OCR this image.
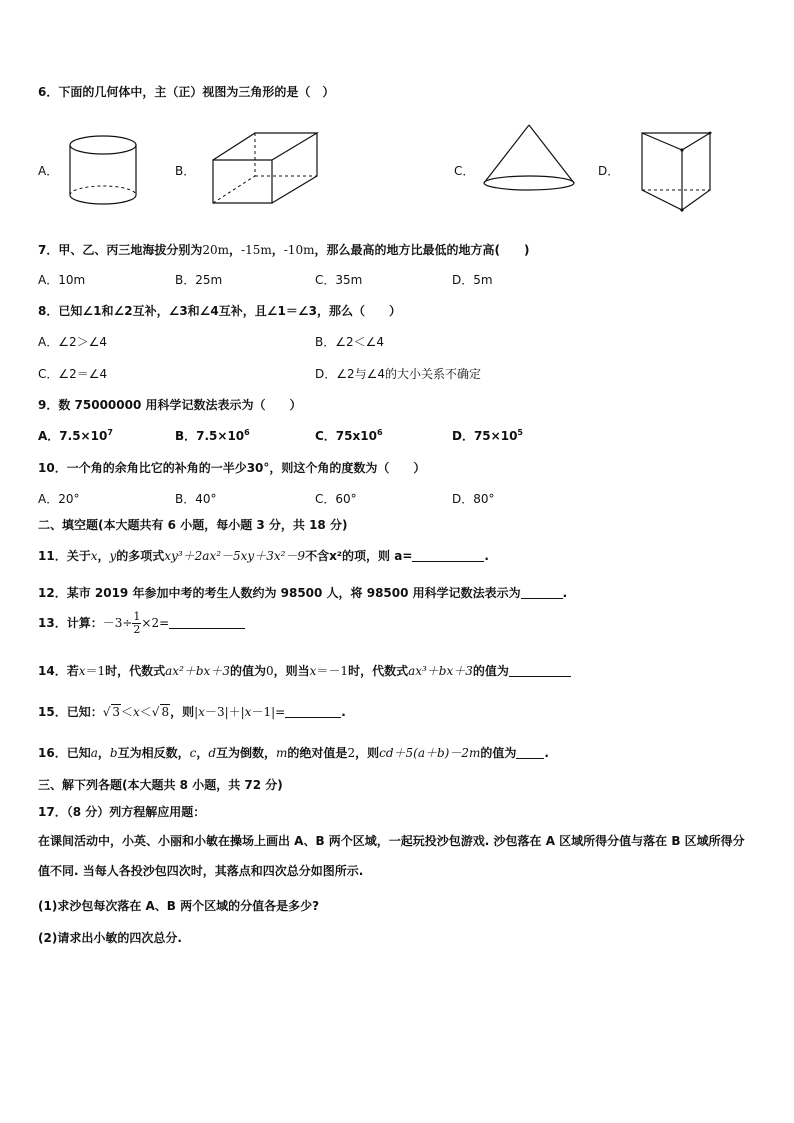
6．下面的几何体中，主（正）视图为三角形的是（　）
A．	B．	C．	D．
7．甲、乙、丙三地海拔分别为20m，-15m，-10m，那么最高的地方比最低的地方高(　　)
A．10m	B．25m	C．35m	D．5m
8．已知∠1和∠2互补，∠3和∠4互补，且∠1＝∠3，那么（　　）
A．∠2＞∠4	B．∠2＜∠4
C．∠2＝∠4	D．∠2与∠4的大小关系不确定
9．数 75000000 用科学记数法表示为（　　）
A．$7.5\times 10^7$	B．$7.5\times 10^6$	C．$75x10^6$	D．$75\times 10^5$
10．一个角的余角比它的补角的一半少30°，则这个角的度数为（　　）
A．20°	B．40°	C．60°	D．80°
二、填空题(本大题共有 6 小题，每小题 3 分，共 18 分)
11．关于x，y的多项式xy³＋2ax²－5xy＋3x²－9不含x²的项，则 a=	.
12．某市 2019 年参加中考的考生人数约为 98500 人，将 98500 用科学记数法表示为	.
13．计算：$-3\div \frac{1}{2} \times 2=$
14．若x＝1时，代数式ax²＋bx＋3的值为0，则当x＝－1时，代数式ax³＋bx＋3的值为
15．已知：√ 3＜x＜√ 8，则|x－3|＋|x－1|=	.
16．已知a，b互为相反数，c，d互为倒数，m的绝对值是2，则cd＋5(a＋b)－2m的值为 .
三、解下列各题(本大题共 8 小题，共 72 分)
17．（8 分）列方程解应用题：
在课间活动中，小英、小丽和小敏在操场上画出 A、B 两个区域，一起玩投沙包游戏. 沙包落在 A 区域所得分值与落在 B 区域所得分值不同. 当每人各投沙包四次时，其落点和四次总分如图所示.
(1)求沙包每次落在 A、B 两个区域的分值各是多少?
(2)请求出小敏的四次总分.
